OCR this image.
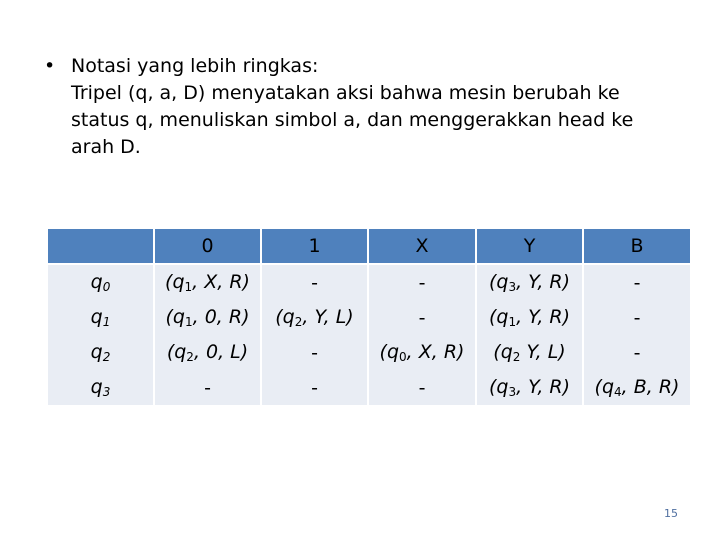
• Notasi yang lebih ringkas:
Tripel (q, a, D) menyatakan aksi bahwa mesin berubah ke
status q, menuliskan simbol a, dan menggerakkan head ke
arah D.
	0	1	X	Y	B
$q_0$	($q_1$, X, R)	-	-	($q_3$, Y, R)	-
$q_1$	($q_1$, 0, R)	($q_2$, Y, L)	-	($q_1$, Y, R)	-
$q_2$	($q_2$, 0, L)	-	($q_0$, X, R)	($q_2$ Y, L)	-
$q_3$	-	-	-	($q_3$, Y, R)	($q_4$, B, R)
15
